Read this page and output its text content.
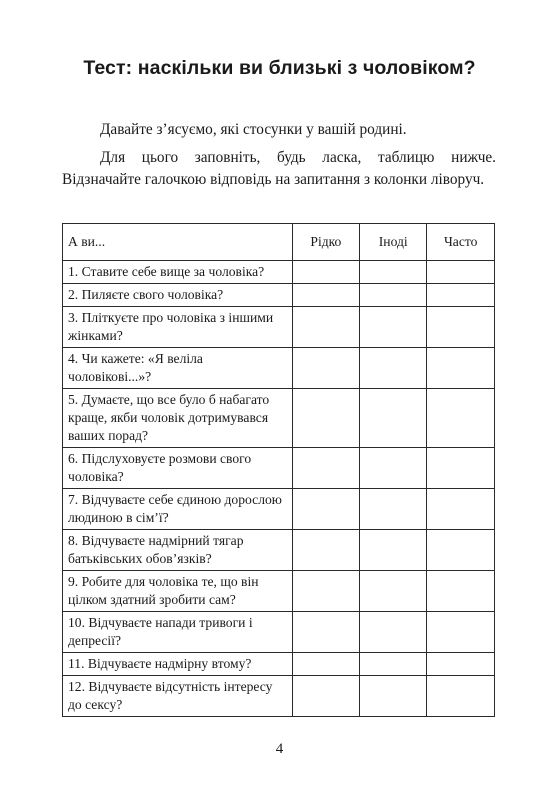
Тест: наскільки ви близькі з чоловіком?

Давайте з’ясуємо, які стосунки у вашій родині.

Для цього заповніть, будь ласка, таблицю нижче. Відзначайте галочкою відповідь на запитання з колонки ліворуч.

А ви...	Рідко	Іноді	Часто
1. Ставите себе вище за чоловіка?			
2. Пиляєте свого чоловіка?			
3. Пліткуєте про чоловіка з іншими жінками?			
4. Чи кажете: «Я веліла чоловікові...»?			
5. Думаєте, що все було б набагато краще, якби чоловік дотримувався ваших порад?			
6. Підслуховуєте розмови свого чоловіка?			
7. Відчуваєте себе єдиною дорослою людиною в сім’ї?			
8. Відчуваєте надмірний тягар батьківських обов’язків?			
9. Робите для чоловіка те, що він цілком здатний зробити сам?			
10. Відчуваєте напади тривоги і депресії?			
11. Відчуваєте надмірну втому?			
12. Відчуваєте відсутність інтересу до сексу?			
4
